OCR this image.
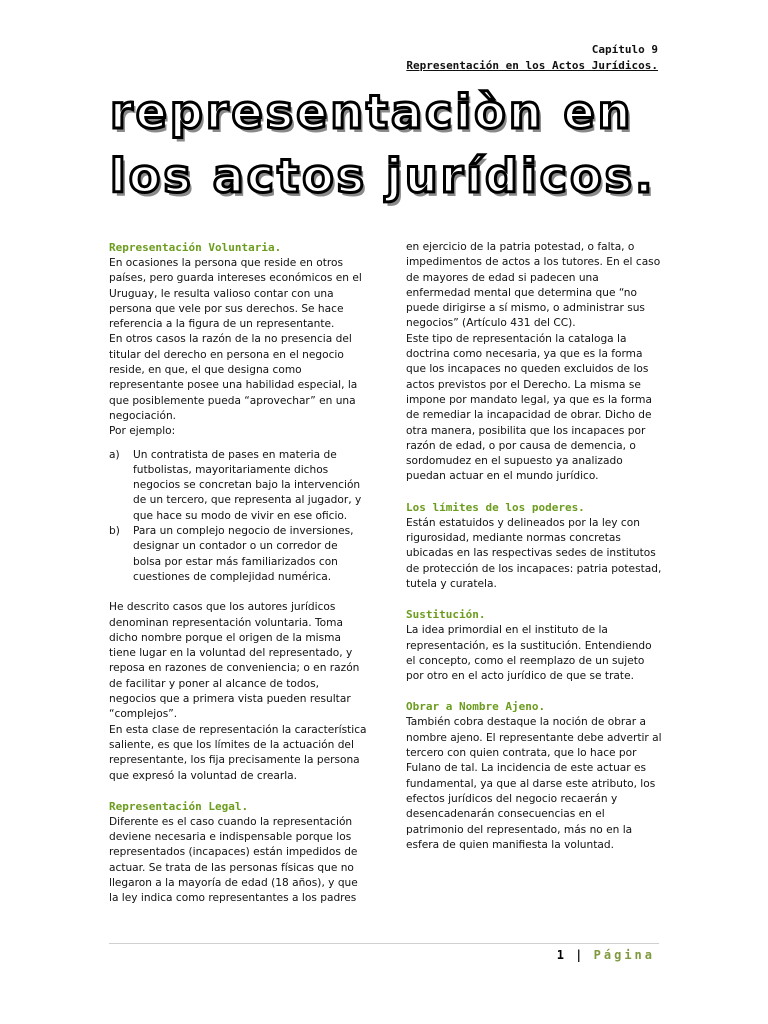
Capítulo 9
Representación en los Actos Jurídicos.
representaciòn en
los actos jurídicos.
Representación Voluntaria.

En ocasiones la persona que reside en otros países, pero guarda intereses económicos en el Uruguay, le resulta valioso contar con una persona que vele por sus derechos. Se hace referencia a la figura de un representante.

En otros casos la razón de la no presencia del titular del derecho en persona en el negocio reside, en que, el que designa como representante posee una habilidad especial, la que posiblemente pueda “aprovechar” en una negociación.

Por ejemplo:

a) Un contratista de pases en materia de futbolistas, mayoritariamente dichos negocios se concretan bajo la intervención de un tercero, que representa al jugador, y que hace su modo de vivir en ese oficio.
b) Para un complejo negocio de inversiones, designar un contador o un corredor de bolsa por estar más familiarizados con cuestiones de complejidad numérica.

He descrito casos que los autores jurídicos denominan representación voluntaria. Toma dicho nombre porque el origen de la misma tiene lugar en la voluntad del representado, y reposa en razones de conveniencia; o en razón de facilitar y poner al alcance de todos, negocios que a primera vista pueden resultar “complejos”.

En esta clase de representación la característica saliente, es que los límites de la actuación del representante, los fija precisamente la persona que expresó la voluntad de crearla.

Representación Legal.

Diferente es el caso cuando la representación deviene necesaria e indispensable porque los representados (incapaces) están impedidos de actuar. Se trata de las personas físicas que no llegaron a la mayoría de edad (18 años), y que la ley indica como representantes a los padres

en ejercicio de la patria potestad, o falta, o impedimentos de actos a los tutores. En el caso de mayores de edad si padecen una enfermedad mental que determina que “no puede dirigirse a sí mismo, o administrar sus negocios” (Artículo 431 del CC).

Este tipo de representación la cataloga la doctrina como necesaria, ya que es la forma que los incapaces no queden excluidos de los actos previstos por el Derecho. La misma se impone por mandato legal, ya que es la forma de remediar la incapacidad de obrar. Dicho de otra manera, posibilita que los incapaces por razón de edad, o por causa de demencia, o sordomudez en el supuesto ya analizado puedan actuar en el mundo jurídico.

Los límites de los poderes.

Están estatuidos y delineados por la ley con rigurosidad, mediante normas concretas ubicadas en las respectivas sedes de institutos de protección de los incapaces: patria potestad, tutela y curatela.

Sustitución.

La idea primordial en el instituto de la representación, es la sustitución. Entendiendo el concepto, como el reemplazo de un sujeto por otro en el acto jurídico de que se trate.

Obrar a Nombre Ajeno.

También cobra destaque la noción de obrar a nombre ajeno. El representante debe advertir al tercero con quien contrata, que lo hace por Fulano de tal. La incidencia de este actuar es fundamental, ya que al darse este atributo, los efectos jurídicos del negocio recaerán y desencadenarán consecuencias en el patrimonio del representado, más no en la esfera de quien manifiesta la voluntad.

1 | Página
